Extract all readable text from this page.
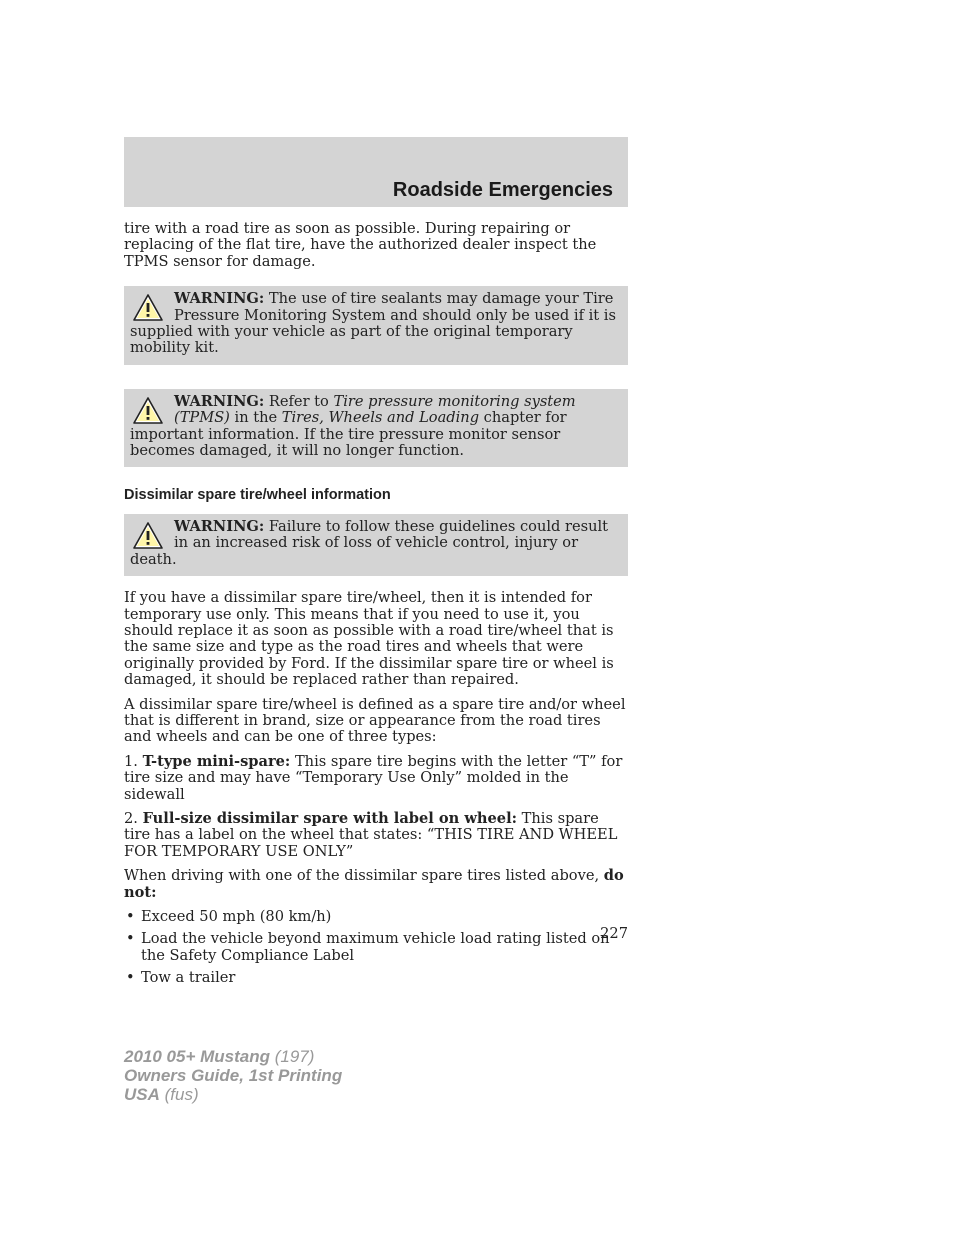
Roadside Emergencies

tire with a road tire as soon as possible. During repairing or replacing of the flat tire, have the authorized dealer inspect the TPMS sensor for damage.

WARNING: The use of tire sealants may damage your Tire Pressure Monitoring System and should only be used if it is supplied with your vehicle as part of the original temporary mobility kit.
WARNING: Refer to Tire pressure monitoring system (TPMS) in the Tires, Wheels and Loading chapter for important information. If the tire pressure monitor sensor becomes damaged, it will no longer function.
Dissimilar spare tire/wheel information
WARNING: Failure to follow these guidelines could result in an increased risk of loss of vehicle control, injury or death.

If you have a dissimilar spare tire/wheel, then it is intended for temporary use only. This means that if you need to use it, you should replace it as soon as possible with a road tire/wheel that is the same size and type as the road tires and wheels that were originally provided by Ford. If the dissimilar spare tire or wheel is damaged, it should be replaced rather than repaired.

A dissimilar spare tire/wheel is defined as a spare tire and/or wheel that is different in brand, size or appearance from the road tires and wheels and can be one of three types:

1. T-type mini-spare: This spare tire begins with the letter “T” for tire size and may have “Temporary Use Only” molded in the sidewall

2. Full-size dissimilar spare with label on wheel: This spare tire has a label on the wheel that states: “THIS TIRE AND WHEEL FOR TEMPORARY USE ONLY”

When driving with one of the dissimilar spare tires listed above, do not:

• Exceed 50 mph (80 km/h)
• Load the vehicle beyond maximum vehicle load rating listed on the Safety Compliance Label
• Tow a trailer
227
2010 05+ Mustang (197)
Owners Guide, 1st Printing
USA (fus)
